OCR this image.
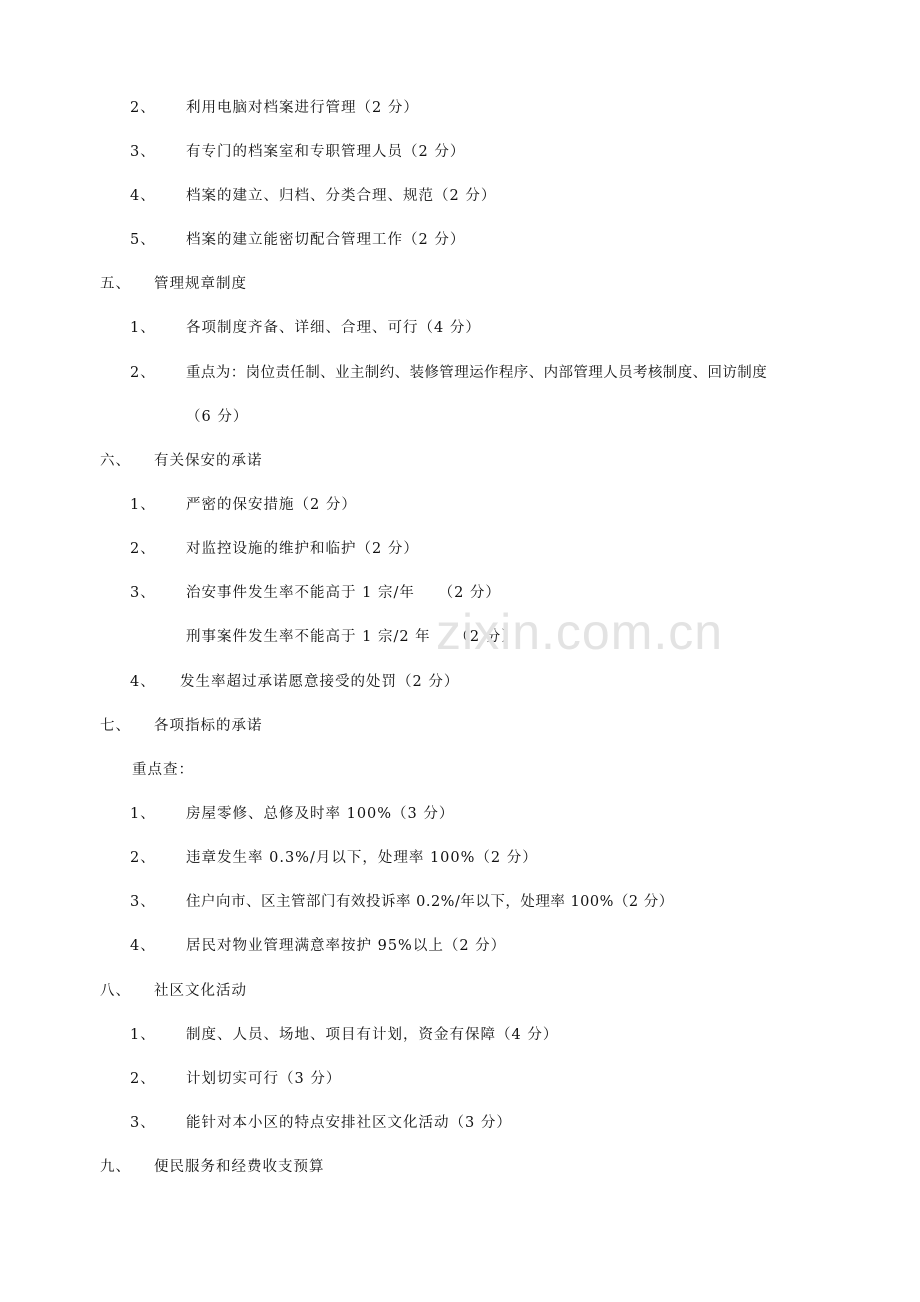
2、 利用电脑对档案进行管理（2 分）
3、 有专门的档案室和专职管理人员（2 分）
4、 档案的建立、归档、分类合理、规范（2 分）
5、 档案的建立能密切配合管理工作（2 分）
五、 管理规章制度
1、 各项制度齐备、详细、合理、可行（4 分）
2、 重点为：岗位责任制、业主制约、装修管理运作程序、内部管理人员考核制度、回访制度
（6 分）
六、 有关保安的承诺
1、 严密的保安措施（2 分）
2、 对监控设施的维护和临护（2 分）
3、 治安事件发生率不能高于 1 宗/年　　（2 分）
刑事案件发生率不能高于 1 宗/2 年　　（2 分）
4、 发生率超过承诺愿意接受的处罚（2 分）
七、 各项指标的承诺
重点查：
1、 房屋零修、总修及时率 100%（3 分）
2、 违章发生率 0.3%/月以下，处理率 100%（2 分）
3、 住户向市、区主管部门有效投诉率 0.2%/年以下，处理率 100%（2 分）
4、 居民对物业管理满意率按护 95%以上（2 分）
八、 社区文化活动
1、 制度、人员、场地、项目有计划，资金有保障（4 分）
2、 计划切实可行（3 分）
3、 能针对本小区的特点安排社区文化活动（3 分）
九、 便民服务和经费收支预算
zixin.com.cn
